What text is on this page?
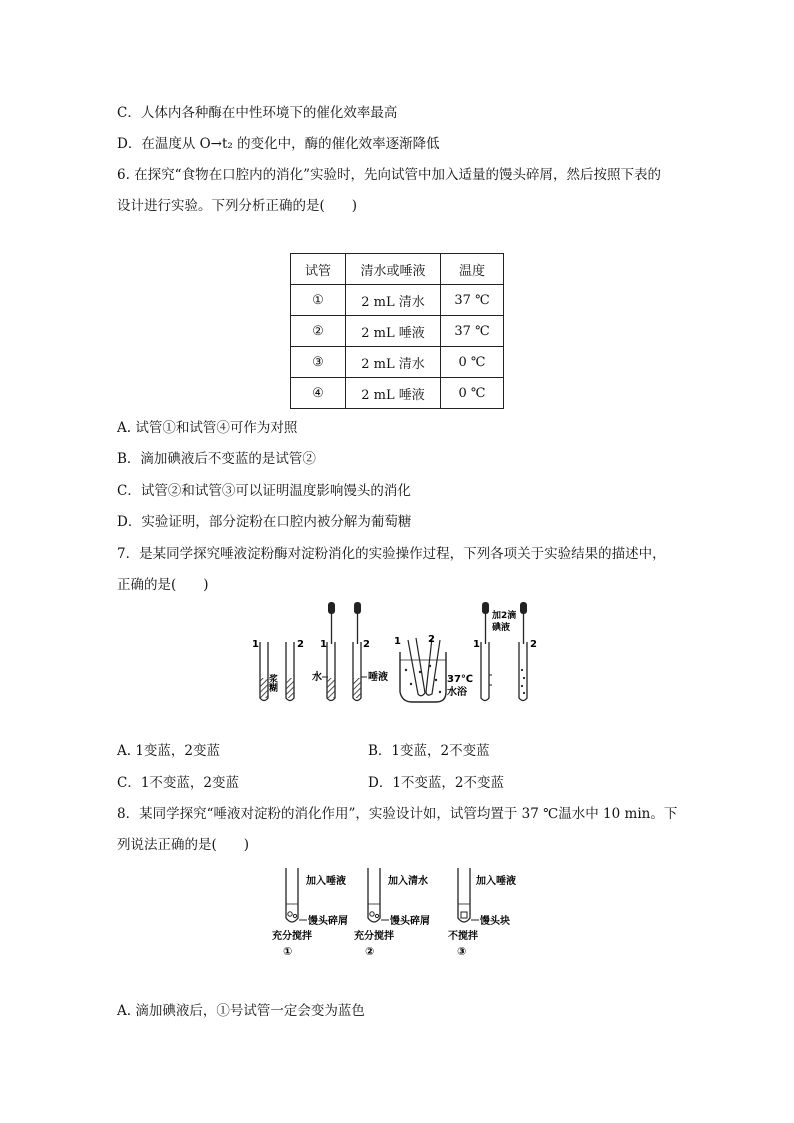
C．人体内各种酶在中性环境下的催化效率最高
D．在温度从 O→t₂ 的变化中，酶的催化效率逐渐降低
6. 在探究“食物在口腔内的消化”实验时，先向试管中加入适量的馒头碎屑，然后按照下表的
设计进行实验。下列分析正确的是(　　)
试管	清水或唾液	温度
①	2 mL 清水	37 ℃
②	2 mL 唾液	37 ℃
③	2 mL 清水	0 ℃
④	2 mL 唾液	0 ℃
A. 试管①和试管④可作为对照
B．滴加碘液后不变蓝的是试管②
C．试管②和试管③可以证明温度影响馒头的消化
D．实验证明，部分淀粉在口腔内被分解为葡萄糖
7．是某同学探究唾液淀粉酶对淀粉消化的实验操作过程，下列各项关于实验结果的描述中，
正确的是(　　)
1	2
浆糊
1	2
水	唾液
1	2
37℃
水浴
加2滴
碘液
1	2
A. 1变蓝，2变蓝	B．1变蓝，2不变蓝
C．1不变蓝，2变蓝	D．1不变蓝，2不变蓝
8．某同学探究“唾液对淀粉的消化作用”，实验设计如，试管均置于 37 ℃温水中 10 min。下
列说法正确的是(　　)
加入唾液
馒头碎屑
充分搅拌
①
加入清水
馒头碎屑
充分搅拌
②
加入唾液
馒头块
不搅拌
③
A. 滴加碘液后，①号试管一定会变为蓝色
